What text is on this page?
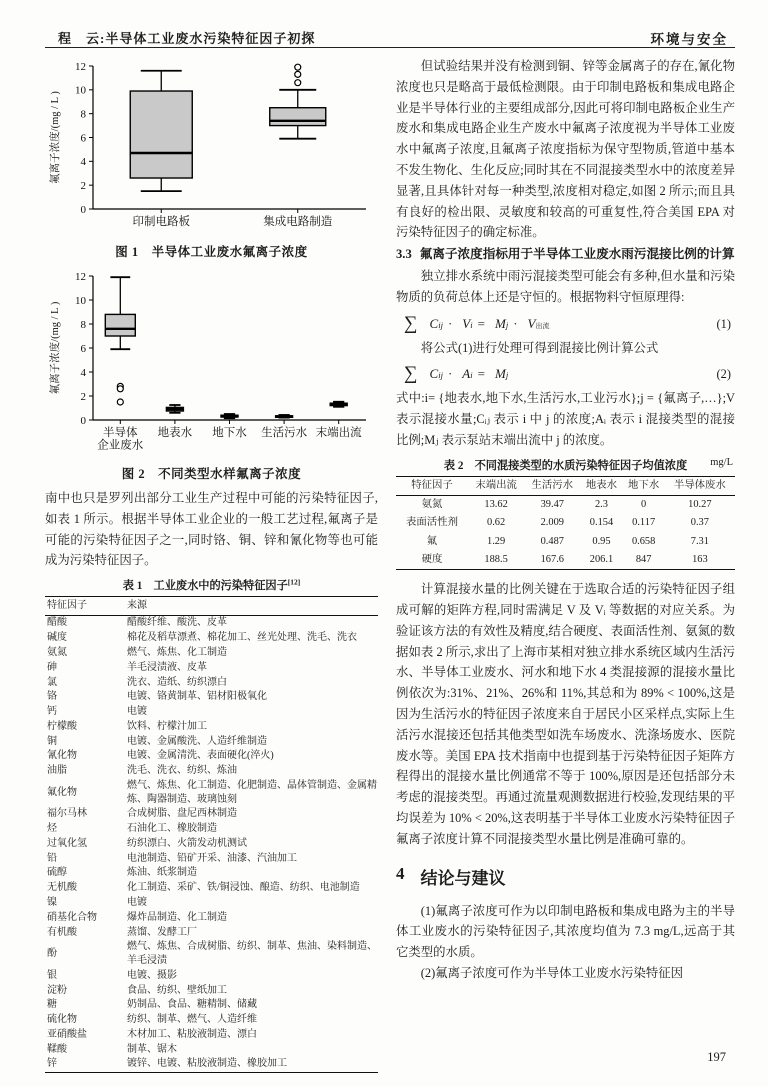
程　云:半导体工业废水污染特征因子初探	环境与安全
0
2
4
6
8
10
12
氟离子浓度/(mg / L )
印制电路板	集成电路制造
图 1　半导体工业废水氟离子浓度
0
2
4
6
8
10
12
氟离子浓度/(mg / L )
半导体
企业废水
地表水 地下水 生活污水 末端出流
图 2　不同类型水样氟离子浓度

南中也只是罗列出部分工业生产过程中可能的污染特征因子,如表 1 所示。根据半导体工业企业的一般工艺过程,氟离子是可能的污染特征因子之一,同时铬、铜、锌和氰化物等也可能成为污染特征因子。

表 1　工业废水中的污染特征因子[12]
特征因子	来源
醋酸	醋酸纤维、酸洗、皮革
碱度	棉花及稻草漂煮、棉花加工、丝光处理、洗毛、洗衣
氨氮	燃气、炼焦、化工制造
砷	羊毛浸渍液、皮革
氯	洗衣、造纸、纺织漂白
铬	电镀、铬黄制革、铝材阳极氧化
钙	电镀
柠檬酸	饮料、柠檬汁加工
铜	电镀、金属酸洗、人造纤维制造
氰化物	电镀、金属清洗、表面硬化(淬火)
油脂	洗毛、洗衣、纺织、炼油
氟化物	燃气、炼焦、化工制造、化肥制造、晶体管制造、金属精炼、陶器制造、玻璃蚀刻
福尔马林	合成树脂、盘尼西林制造
烃	石油化工、橡胶制造
过氧化氢	纺织漂白、火箭发动机测试
铅	电池制造、铅矿开采、油漆、汽油加工
硫醇	炼油、纸浆制造
无机酸	化工制造、采矿、铁/铜浸蚀、酿造、纺织、电池制造
镍	电镀
硝基化合物	爆炸品制造、化工制造
有机酸	蒸馏、发酵工厂
酚	燃气、炼焦、合成树脂、纺织、制革、焦油、染料制造、羊毛浸渍
银	电镀、摄影
淀粉	食品、纺织、壁纸加工
糖	奶制品、食品、糖精制、储藏
硫化物	纺织、制革、燃气、人造纤维
亚硝酸盐	木材加工、粘胶液制造、漂白
鞣酸	制革、锯木
锌	镀锌、电镀、粘胶液制造、橡胶加工

但试验结果并没有检测到铜、锌等金属离子的存在,氰化物浓度也只是略高于最低检测限。由于印制电路板和集成电路企业是半导体行业的主要组成部分,因此可将印制电路板企业生产废水和集成电路企业生产废水中氟离子浓度视为半导体工业废水中氟离子浓度,且氟离子浓度指标为保守型物质,管道中基本不发生物化、生化反应;同时其在不同混接类型水中的浓度差异显著,且具体针对每一种类型,浓度相对稳定,如图 2 所示;而且具有良好的检出限、灵敏度和较高的可重复性,符合美国 EPA 对污染特征因子的确定标准。

3.3 氟离子浓度指标用于半导体工业废水雨污混接比例的计算

独立排水系统中雨污混接类型可能会有多种,但水量和污染物质的负荷总体上还是守恒的。根据物料守恒原理得:

∑ C ij · V i = M j · V 出流	(1)

将公式(1)进行处理可得到混接比例计算公式

∑ C ij · A i = M j	(2)

式中:i= {地表水,地下水,生活污水,工业污水};j = {氟离子,…};V 表示混接水量;Cᵢⱼ 表示 i 中 j 的浓度;Aᵢ 表示 i 混接类型的混接比例;Mⱼ 表示泵站末端出流中 j 的浓度。

表 2　不同混接类型的水质污染特征因子均值浓度 mg/L
特征因子	末端出流	生活污水	地表水	地下水	半导体废水
氨氮	13.62	39.47	2.3	0	10.27
表面活性剂	0.62	2.009	0.154	0.117	0.37
氟	1.29	0.487	0.95	0.658	7.31
硬度	188.5	167.6	206.1	847	163

计算混接水量的比例关键在于选取合适的污染特征因子组成可解的矩阵方程,同时需满足 V 及 Vᵢ 等数据的对应关系。为验证该方法的有效性及精度,结合硬度、表面活性剂、氨氮的数据如表 2 所示,求出了上海市某相对独立排水系统区域内生活污水、半导体工业废水、河水和地下水 4 类混接源的混接水量比例依次为:31%、21%、26%和 11%,其总和为 89% < 100%,这是因为生活污水的特征因子浓度来自于居民小区采样点,实际上生活污水混接还包括其他类型如洗车场废水、洗涤场废水、医院废水等。美国 EPA 技术指南中也提到基于污染特征因子矩阵方程得出的混接水量比例通常不等于 100%,原因是还包括部分未考虑的混接类型。再通过流量观测数据进行校验,发现结果的平均误差为 10% < 20%,这表明基于半导体工业废水污染特征因子氟离子浓度计算不同混接类型水量比例是准确可靠的。

4 结论与建议

(1)氟离子浓度可作为以印制电路板和集成电路为主的半导体工业废水的污染特征因子,其浓度均值为 7.3 mg/L,远高于其它类型的水质。

(2)氟离子浓度可作为半导体工业废水污染特征因

197
